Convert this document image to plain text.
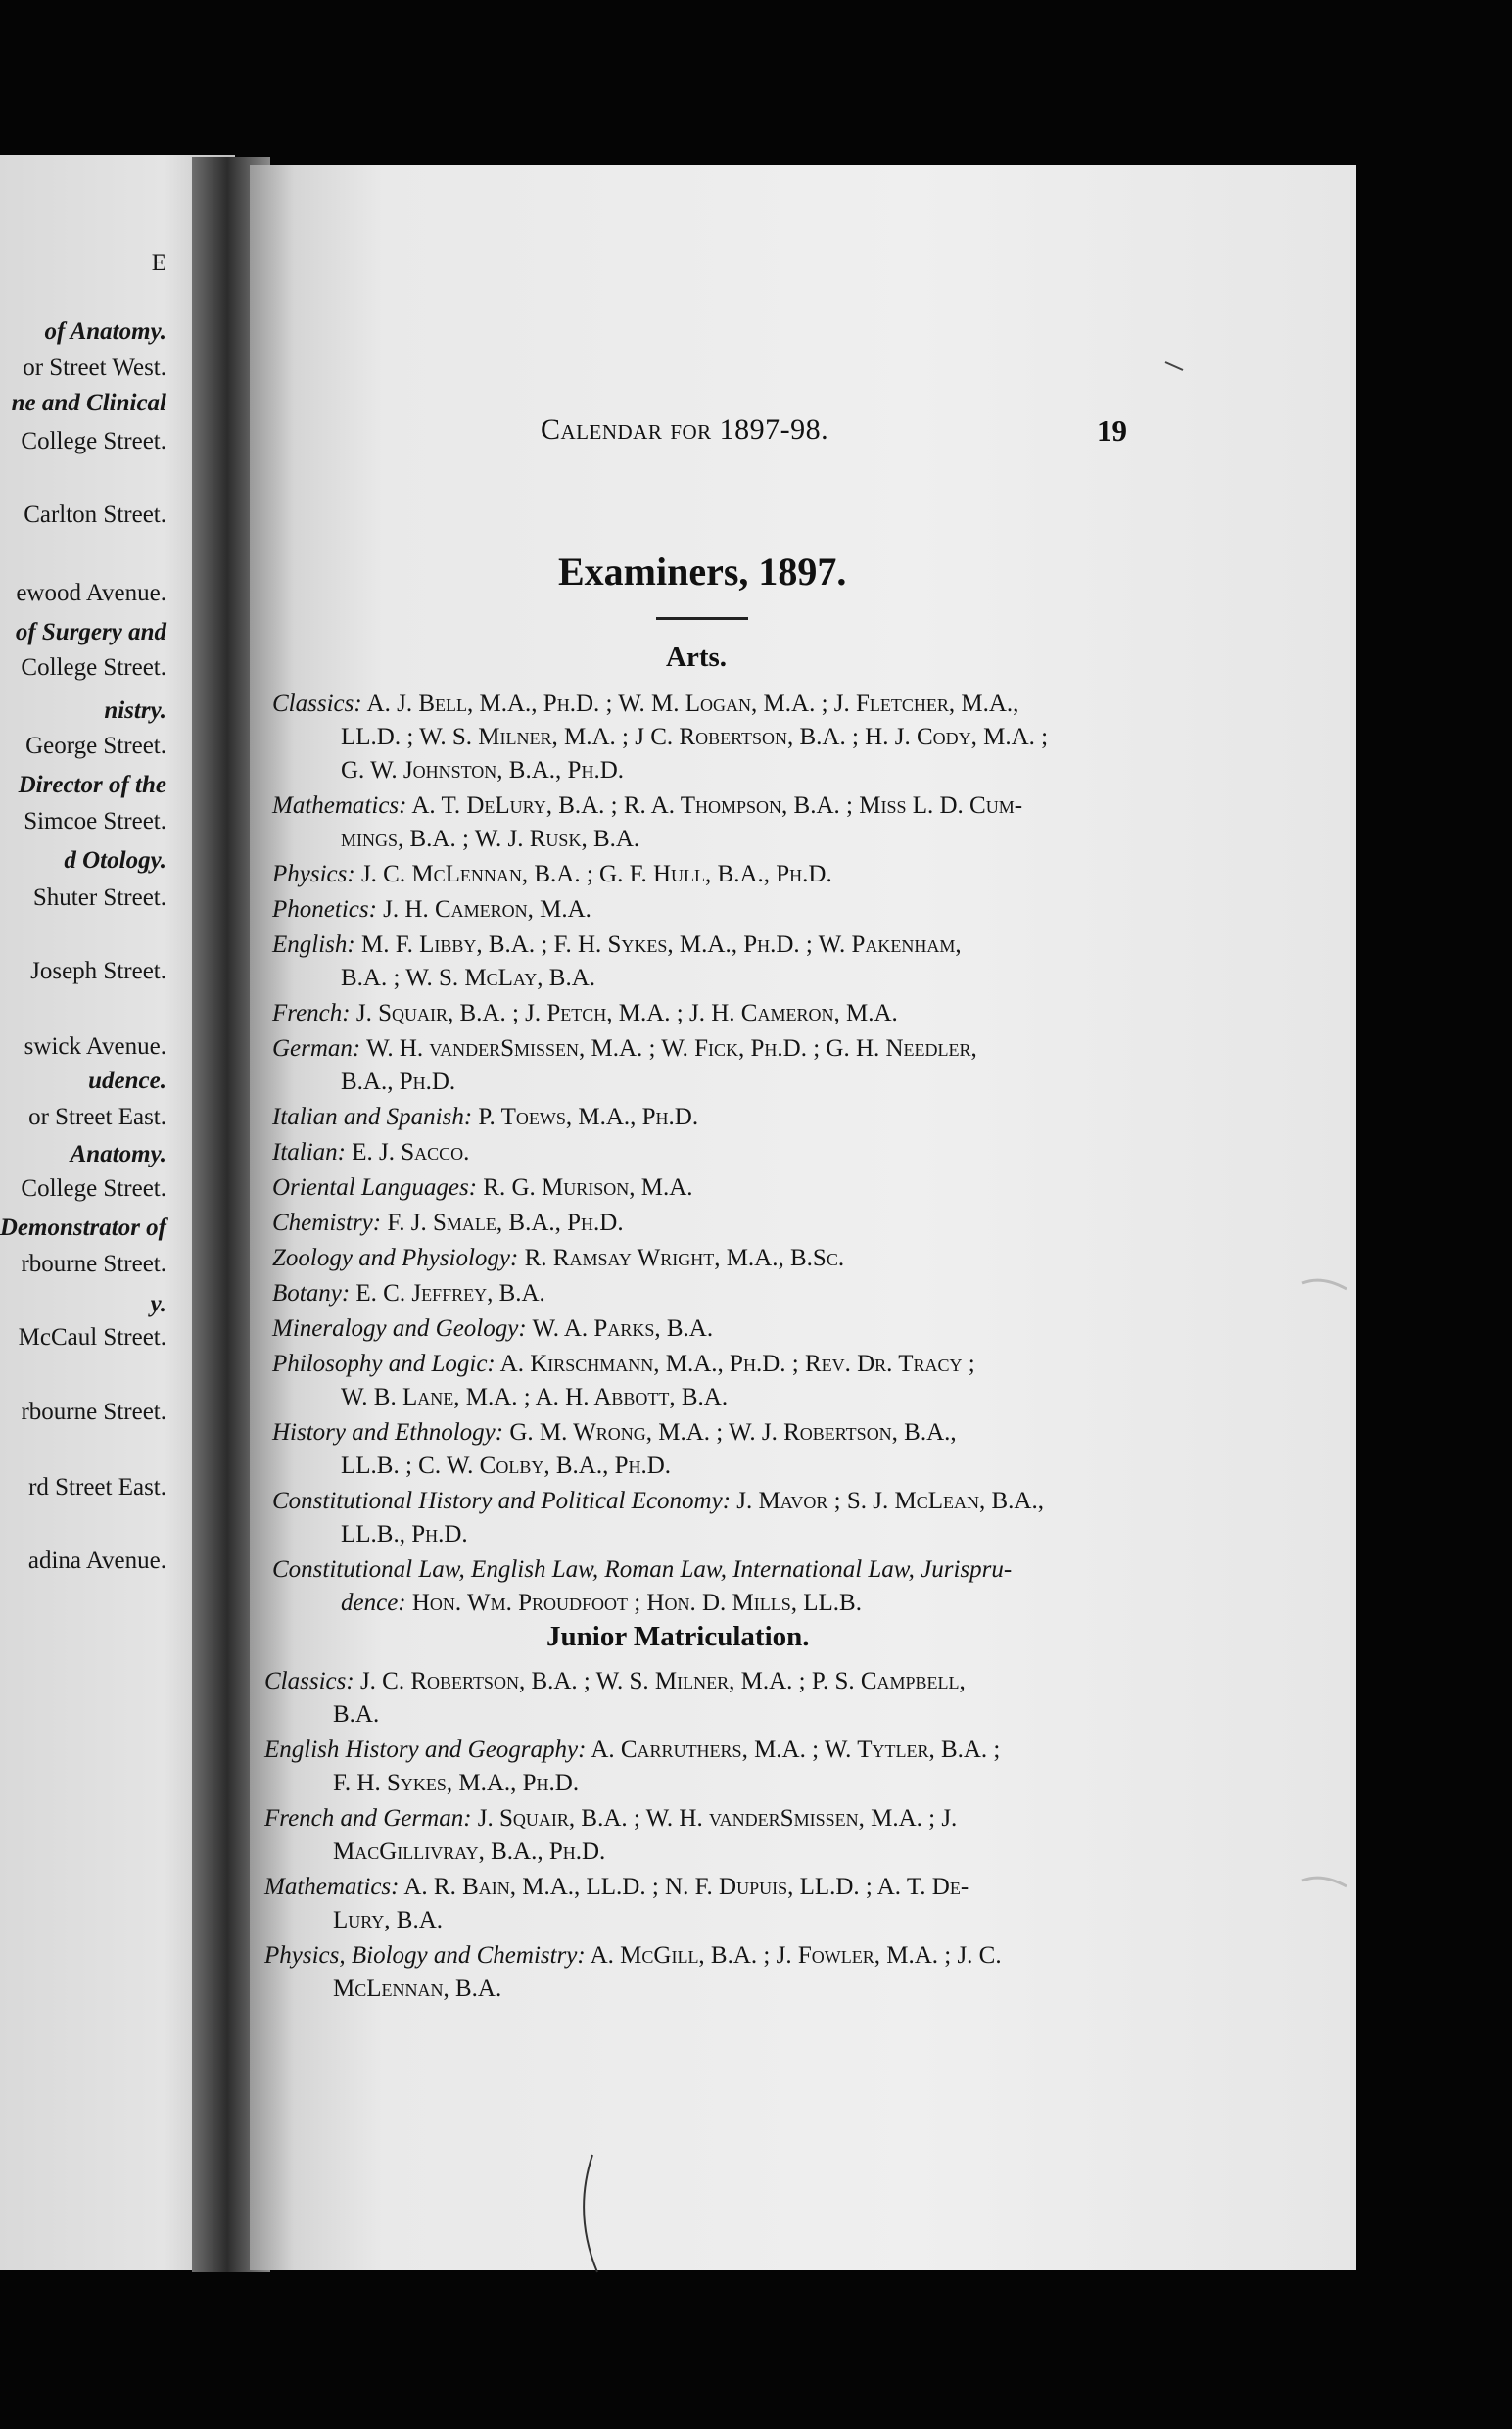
E
of Anatomy.
or Street West.
ne and Clinical
College Street.
Carlton Street.
ewood Avenue.
of Surgery and
College Street.
nistry.
George Street.
Director of the
Simcoe Street.
d Otology.
Shuter Street.
Joseph Street.
swick Avenue.
udence.
or Street East.
Anatomy.
College Street.
Demonstrator of
rbourne Street.
y.
McCaul Street.
rbourne Street.
rd Street East.
adina Avenue.
Calendar for 1897-98.	19
Examiners, 1897.
Arts.
Classics: A. J. Bell, M.A., Ph.D. ; W. M. Logan, M.A. ; J. Fletcher, M.A.,
LL.D. ; W. S. Milner, M.A. ; J C. Robertson, B.A. ; H. J. Cody, M.A. ;
G. W. Johnston, B.A., Ph.D.
Mathematics: A. T. DeLury, B.A. ; R. A. Thompson, B.A. ; Miss L. D. Cum-
mings, B.A. ; W. J. Rusk, B.A.
Physics: J. C. McLennan, B.A. ; G. F. Hull, B.A., Ph.D.
Phonetics: J. H. Cameron, M.A.
English: M. F. Libby, B.A. ; F. H. Sykes, M.A., Ph.D. ; W. Pakenham,
B.A. ; W. S. McLay, B.A.
French: J. Squair, B.A. ; J. Petch, M.A. ; J. H. Cameron, M.A.
German: W. H. vanderSmissen, M.A. ; W. Fick, Ph.D. ; G. H. Needler,
B.A., Ph.D.
Italian and Spanish: P. Toews, M.A., Ph.D.
Italian: E. J. Sacco.
Oriental Languages: R. G. Murison, M.A.
Chemistry: F. J. Smale, B.A., Ph.D.
Zoology and Physiology: R. Ramsay Wright, M.A., B.Sc.
Botany: E. C. Jeffrey, B.A.
Mineralogy and Geology: W. A. Parks, B.A.
Philosophy and Logic: A. Kirschmann, M.A., Ph.D. ; Rev. Dr. Tracy ;
W. B. Lane, M.A. ; A. H. Abbott, B.A.
History and Ethnology: G. M. Wrong, M.A. ; W. J. Robertson, B.A.,
LL.B. ; C. W. Colby, B.A., Ph.D.
Constitutional History and Political Economy: J. Mavor ; S. J. McLean, B.A.,
LL.B., Ph.D.
Constitutional Law, English Law, Roman Law, International Law, Jurispru-
dence: Hon. Wm. Proudfoot ; Hon. D. Mills, LL.B.
Junior Matriculation.
Classics: J. C. Robertson, B.A. ; W. S. Milner, M.A. ; P. S. Campbell,
B.A.
English History and Geography: A. Carruthers, M.A. ; W. Tytler, B.A. ;
F. H. Sykes, M.A., Ph.D.
French and German: J. Squair, B.A. ; W. H. vanderSmissen, M.A. ; J.
MacGillivray, B.A., Ph.D.
Mathematics: A. R. Bain, M.A., LL.D. ; N. F. Dupuis, LL.D. ; A. T. De-
Lury, B.A.
Physics, Biology and Chemistry: A. McGill, B.A. ; J. Fowler, M.A. ; J. C.
McLennan, B.A.
